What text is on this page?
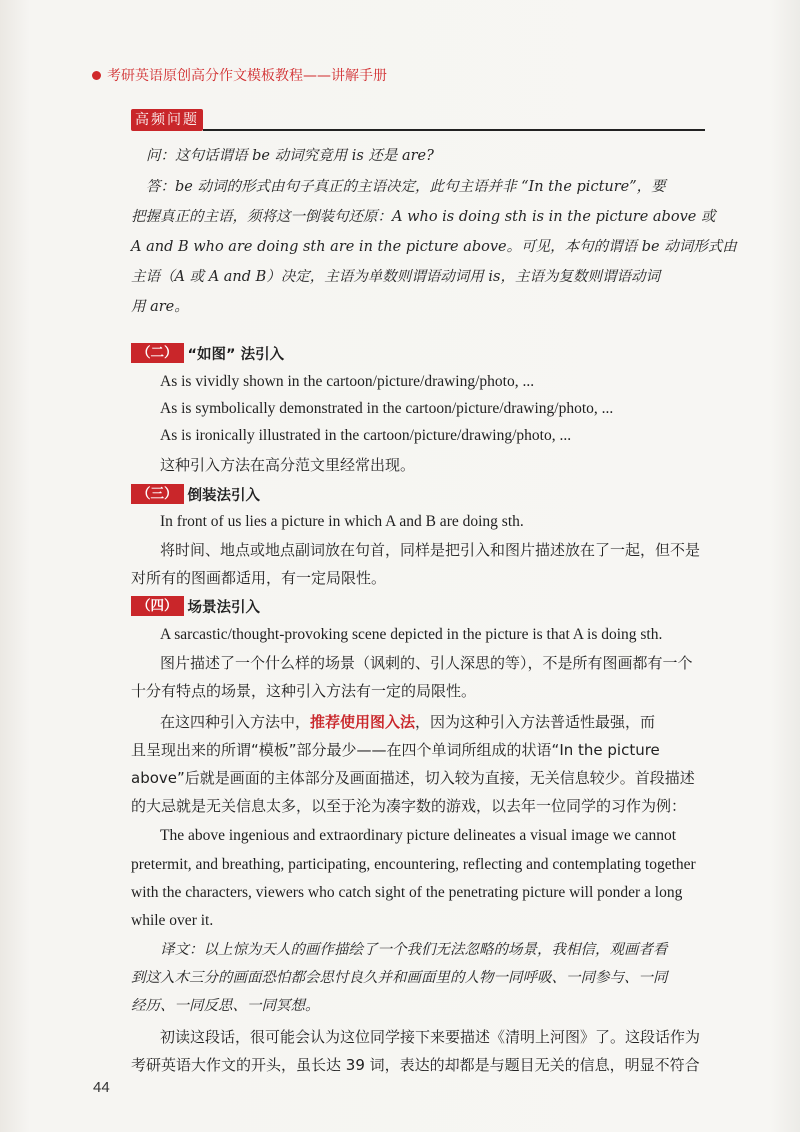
考研英语原创高分作文模板教程——讲解手册
高频问题
问：这句话谓语 be 动词究竟用 is 还是 are?
答：be 动词的形式由句子真正的主语决定，此句主语并非 “In the picture”，要
把握真正的主语，须将这一倒装句还原：A who is doing sth is in the picture above 或
A and B who are doing sth are in the picture above。可见，本句的谓语 be 动词形式由
主语（A 或 A and B）决定，主语为单数则谓语动词用 is，主语为复数则谓语动词
用 are。
（二） “如图” 法引入
As is vividly shown in the cartoon/picture/drawing/photo, ...
As is symbolically demonstrated in the cartoon/picture/drawing/photo, ...
As is ironically illustrated in the cartoon/picture/drawing/photo, ...
这种引入方法在高分范文里经常出现。
（三） 倒装法引入
In front of us lies a picture in which A and B are doing sth.
将时间、地点或地点副词放在句首，同样是把引入和图片描述放在了一起，但不是
对所有的图画都适用，有一定局限性。
（四） 场景法引入
A sarcastic/thought-provoking scene depicted in the picture is that A is doing sth.
图片描述了一个什么样的场景（讽刺的、引人深思的等），不是所有图画都有一个
十分有特点的场景，这种引入方法有一定的局限性。
在这四种引入方法中，推荐使用图入法，因为这种引入方法普适性最强，而
且呈现出来的所谓“模板”部分最少——在四个单词所组成的状语“In the picture
above”后就是画面的主体部分及画面描述，切入较为直接，无关信息较少。首段描述
的大忌就是无关信息太多，以至于沦为凑字数的游戏，以去年一位同学的习作为例：
The above ingenious and extraordinary picture delineates a visual image we cannot
pretermit, and breathing, participating, encountering, reflecting and contemplating together
with the characters, viewers who catch sight of the penetrating picture will ponder a long
while over it.
译文：以上惊为天人的画作描绘了一个我们无法忽略的场景，我相信，观画者看
到这入木三分的画面恐怕都会思忖良久并和画面里的人物一同呼吸、一同参与、一同
经历、一同反思、一同冥想。
初读这段话，很可能会认为这位同学接下来要描述《清明上河图》了。这段话作为
考研英语大作文的开头，虽长达 39 词，表达的却都是与题目无关的信息，明显不符合
44
